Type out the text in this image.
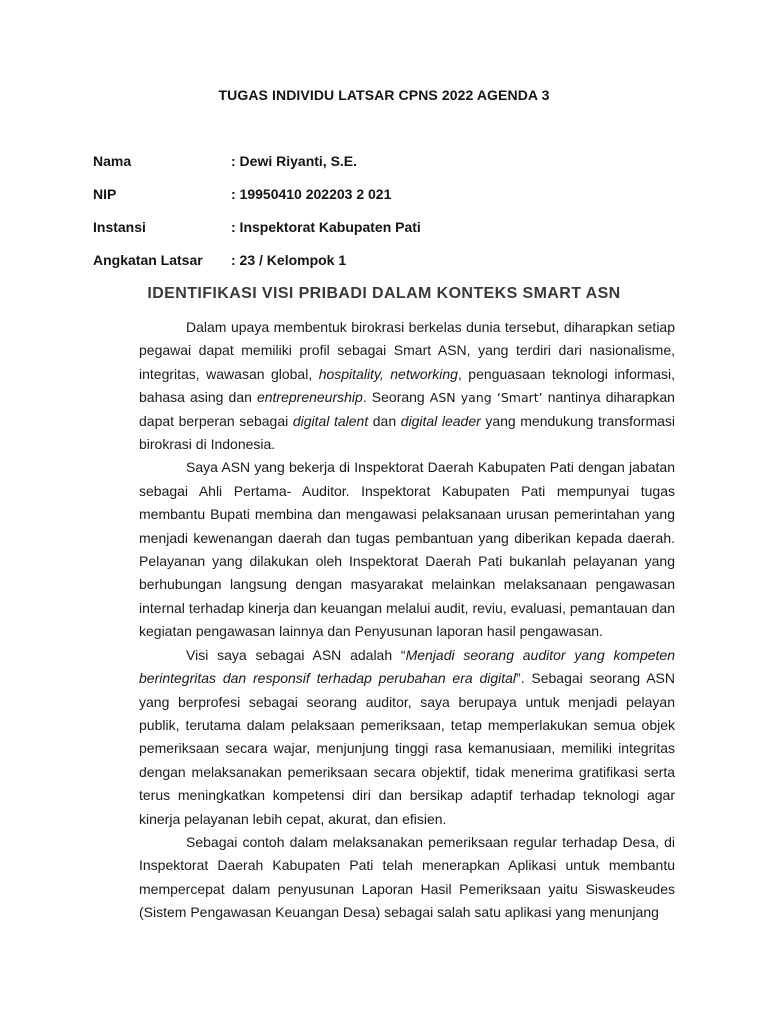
TUGAS INDIVIDU LATSAR CPNS 2022 AGENDA 3
Nama	: Dewi Riyanti, S.E.
NIP	: 19950410 202203 2 021
Instansi	: Inspektorat Kabupaten Pati
Angkatan Latsar : 23 / Kelompok 1
IDENTIFIKASI VISI PRIBADI DALAM KONTEKS SMART ASN

Dalam upaya membentuk birokrasi berkelas dunia tersebut, diharapkan setiap pegawai dapat memiliki profil sebagai Smart ASN, yang terdiri dari nasionalisme, integritas, wawasan global, hospitality, networking, penguasaan teknologi informasi, bahasa asing dan entrepreneurship. Seorang ASN yang ‘Smart’ nantinya diharapkan dapat berperan sebagai digital talent dan digital leader yang mendukung transformasi birokrasi di Indonesia.

Saya ASN yang bekerja di Inspektorat Daerah Kabupaten Pati dengan jabatan sebagai Ahli Pertama- Auditor. Inspektorat Kabupaten Pati mempunyai tugas membantu Bupati membina dan mengawasi pelaksanaan urusan pemerintahan yang menjadi kewenangan daerah dan tugas pembantuan yang diberikan kepada daerah. Pelayanan yang dilakukan oleh Inspektorat Daerah Pati bukanlah pelayanan yang berhubungan langsung dengan masyarakat melainkan melaksanaan pengawasan internal terhadap kinerja dan keuangan melalui audit, reviu, evaluasi, pemantauan dan kegiatan pengawasan lainnya dan Penyusunan laporan hasil pengawasan.

Visi saya sebagai ASN adalah “Menjadi seorang auditor yang kompeten berintegritas dan responsif terhadap perubahan era digital”. Sebagai seorang ASN yang berprofesi sebagai seorang auditor, saya berupaya untuk menjadi pelayan publik, terutama dalam pelaksaan pemeriksaan, tetap memperlakukan semua objek pemeriksaan secara wajar, menjunjung tinggi rasa kemanusiaan, memiliki integritas dengan melaksanakan pemeriksaan secara objektif, tidak menerima gratifikasi serta terus meningkatkan kompetensi diri dan bersikap adaptif terhadap teknologi agar kinerja pelayanan lebih cepat, akurat, dan efisien.

Sebagai contoh dalam melaksanakan pemeriksaan regular terhadap Desa, di Inspektorat Daerah Kabupaten Pati telah menerapkan Aplikasi untuk membantu mempercepat dalam penyusunan Laporan Hasil Pemeriksaan yaitu Siswaskeudes (Sistem Pengawasan Keuangan Desa) sebagai salah satu aplikasi yang menunjang
